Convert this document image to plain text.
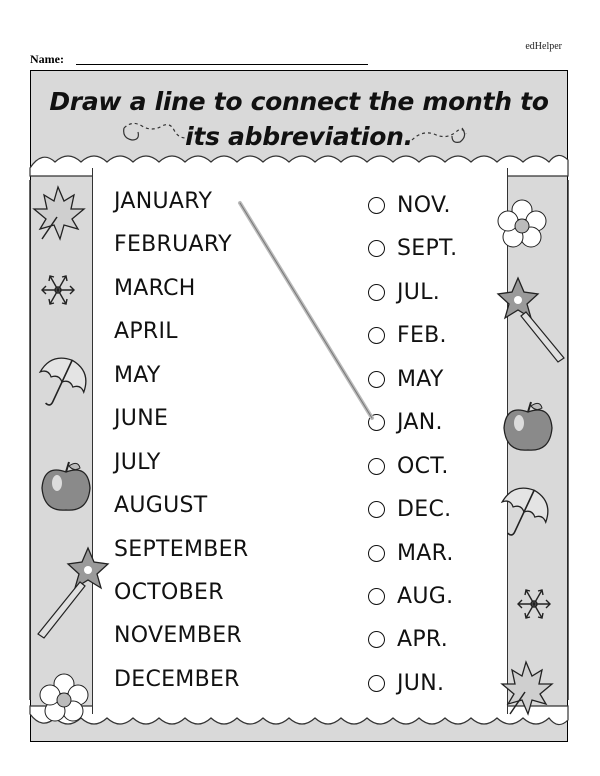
edHelper
Name:
Draw a line to connect the month to
its abbreviation.
JANUARY
FEBRUARY
MARCH
APRIL
MAY
JUNE
JULY
AUGUST
SEPTEMBER
OCTOBER
NOVEMBER
DECEMBER
NOV.
SEPT.
JUL.
FEB.
MAY
JAN.
OCT.
DEC.
MAR.
AUG.
APR.
JUN.
